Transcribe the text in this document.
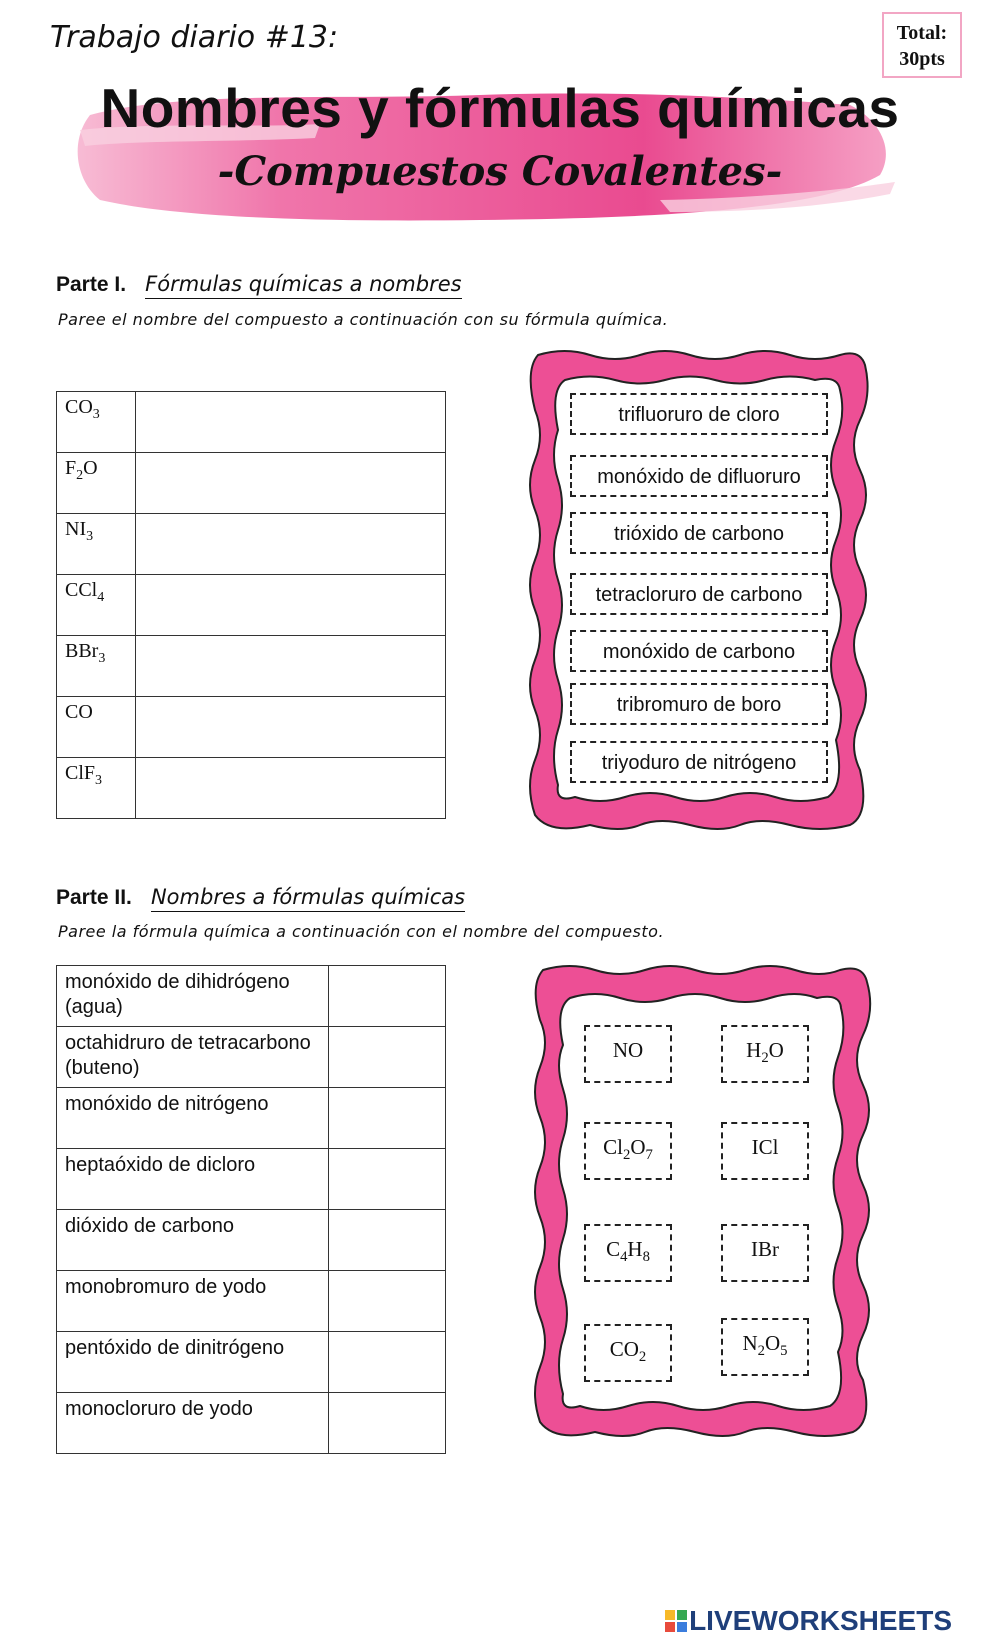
Trabajo diario #13:	Total:
30pts
Nombres y fórmulas químicas
-Compuestos Covalentes-
Parte I. Fórmulas químicas a nombres
Paree el nombre del compuesto a continuación con su fórmula química.
$CO_3$	
$F_2O$	
$NI_3$	
CCl$_4$	
BBr$_3$	
CO	
ClF$_3$	
trifluoruro de cloro
monóxido de difluoruro
trióxido de carbono
tetracloruro de carbono
monóxido de carbono
tribromuro de boro
triyoduro de nitrógeno
Parte II. Nombres a fórmulas químicas
Paree la fórmula química a continuación con el nombre del compuesto.
monóxido de dihidrógeno (agua)	
octahidruro de tetracarbono (buteno)	
monóxido de nitrógeno	
heptaóxido de dicloro	
dióxido de carbono	
monobromuro de yodo	
pentóxido de dinitrógeno	
monocloruro de yodo	
NO	$H_2O$
$Cl_2O_7$	ICl
$C_4H_8$	IBr
$CO_2$
$N_2O_5$
LIVEWORKSHEETS
